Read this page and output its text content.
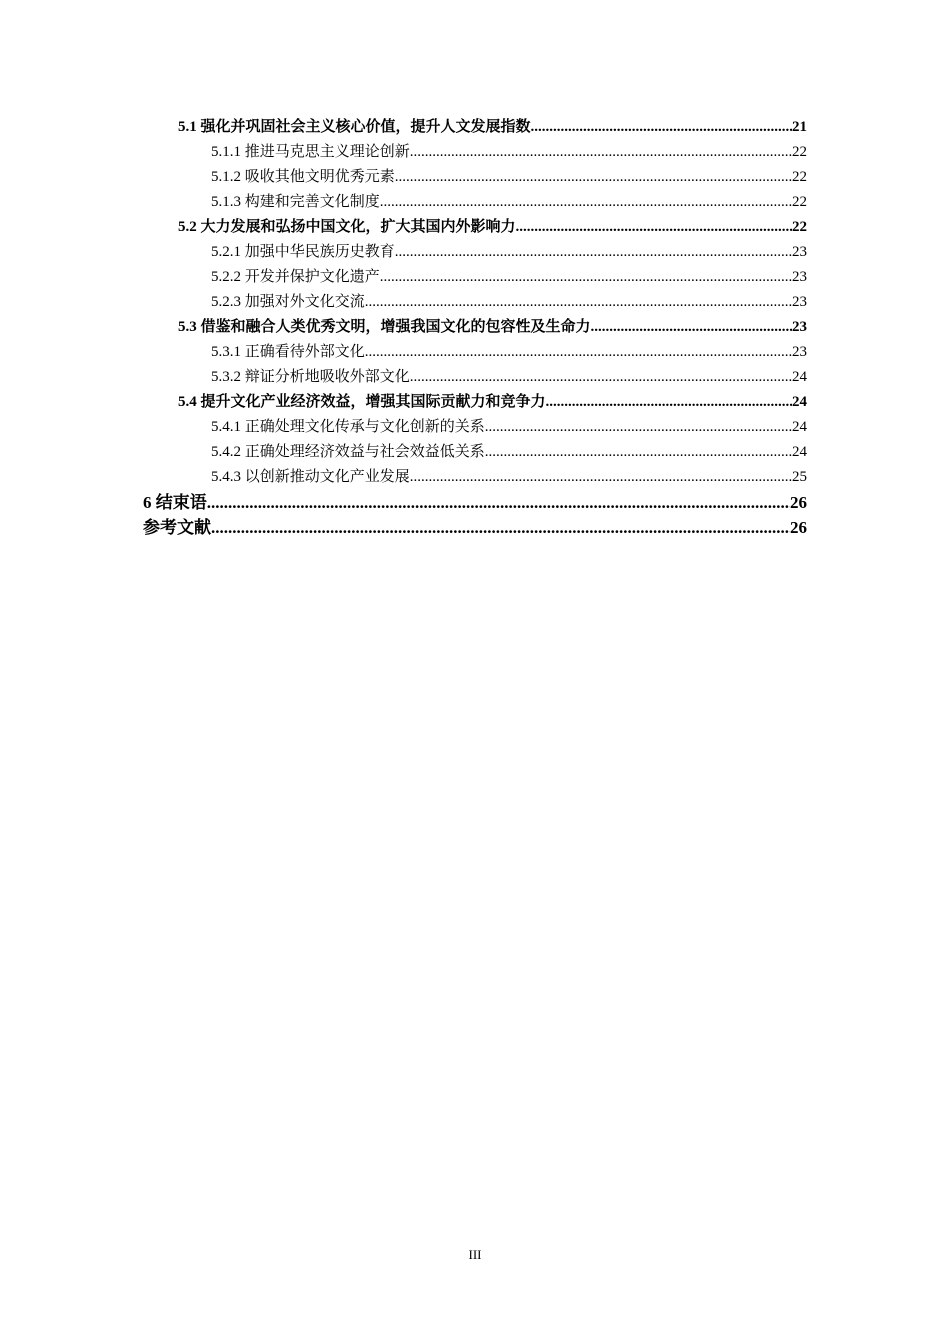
5.1 强化并巩固社会主义核心价值，提升人文发展指数 .....	21
5.1.1 推进马克思主义理论创新 .....	22
5.1.2 吸收其他文明优秀元素 .....	22
5.1.3 构建和完善文化制度 .....	22
5.2 大力发展和弘扬中国文化，扩大其国内外影响力 .....	22
5.2.1 加强中华民族历史教育 .....	23
5.2.2 开发并保护文化遗产 .....	23
5.2.3 加强对外文化交流 .....	23
5.3 借鉴和融合人类优秀文明，增强我国文化的包容性及生命力 .....	23
5.3.1 正确看待外部文化 .....	23
5.3.2 辩证分析地吸收外部文化 .....	24
5.4 提升文化产业经济效益，增强其国际贡献力和竞争力 .....	24
5.4.1 正确处理文化传承与文化创新的关系 .....	24
5.4.2 正确处理经济效益与社会效益低关系 .....	24
5.4.3 以创新推动文化产业发展 .....	25
6 结束语 .....	26
参考文献 .....	26
III
